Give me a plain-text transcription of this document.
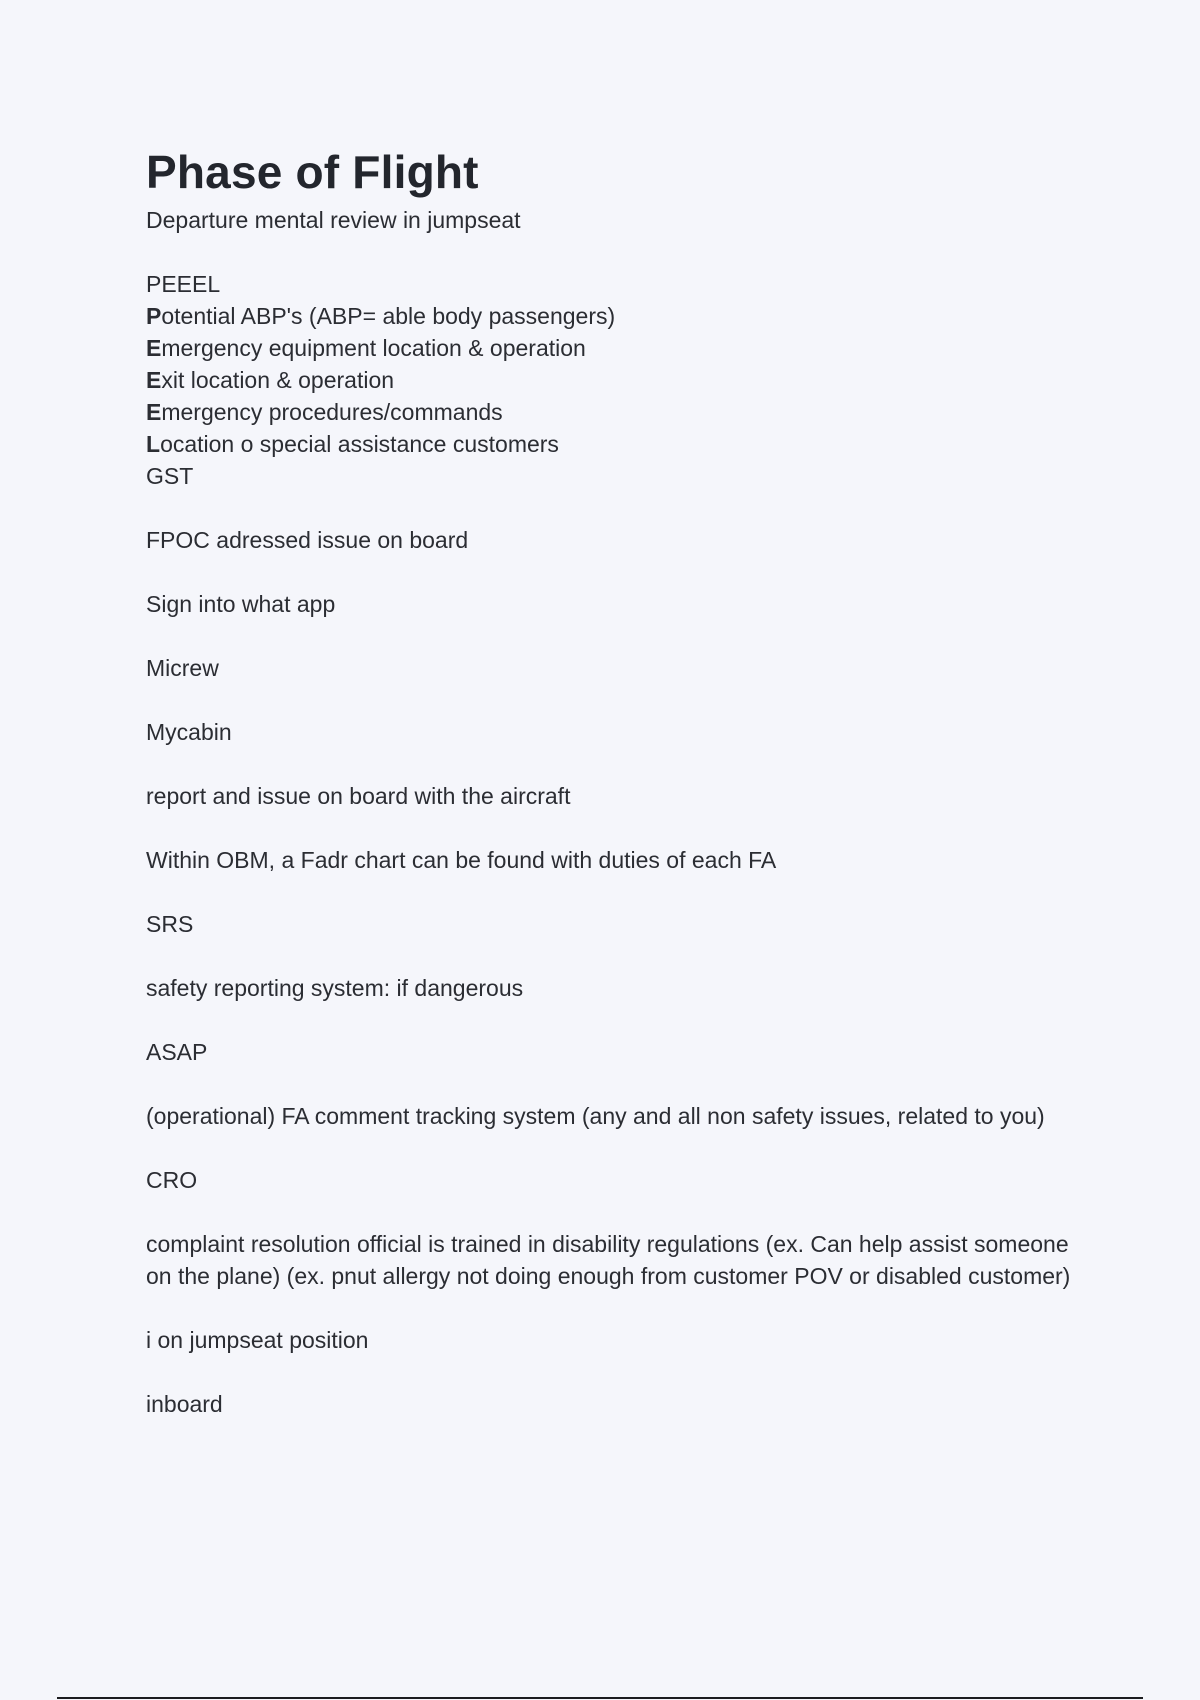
Phase of Flight

Departure mental review in jumpseat

PEEEL
Potential ABP's (ABP= able body passengers)
Emergency equipment location & operation
Exit location & operation
Emergency procedures/commands
Location o special assistance customers
GST

FPOC adressed issue on board

Sign into what app

Micrew

Mycabin

report and issue on board with the aircraft

Within OBM, a Fadr chart can be found with duties of each FA

SRS

safety reporting system: if dangerous

ASAP

(operational) FA comment tracking system (any and all non safety issues, related to you)

CRO

complaint resolution official is trained in disability regulations (ex. Can help assist someone on the plane) (ex. pnut allergy not doing enough from customer POV or disabled customer)

i on jumpseat position

inboard
